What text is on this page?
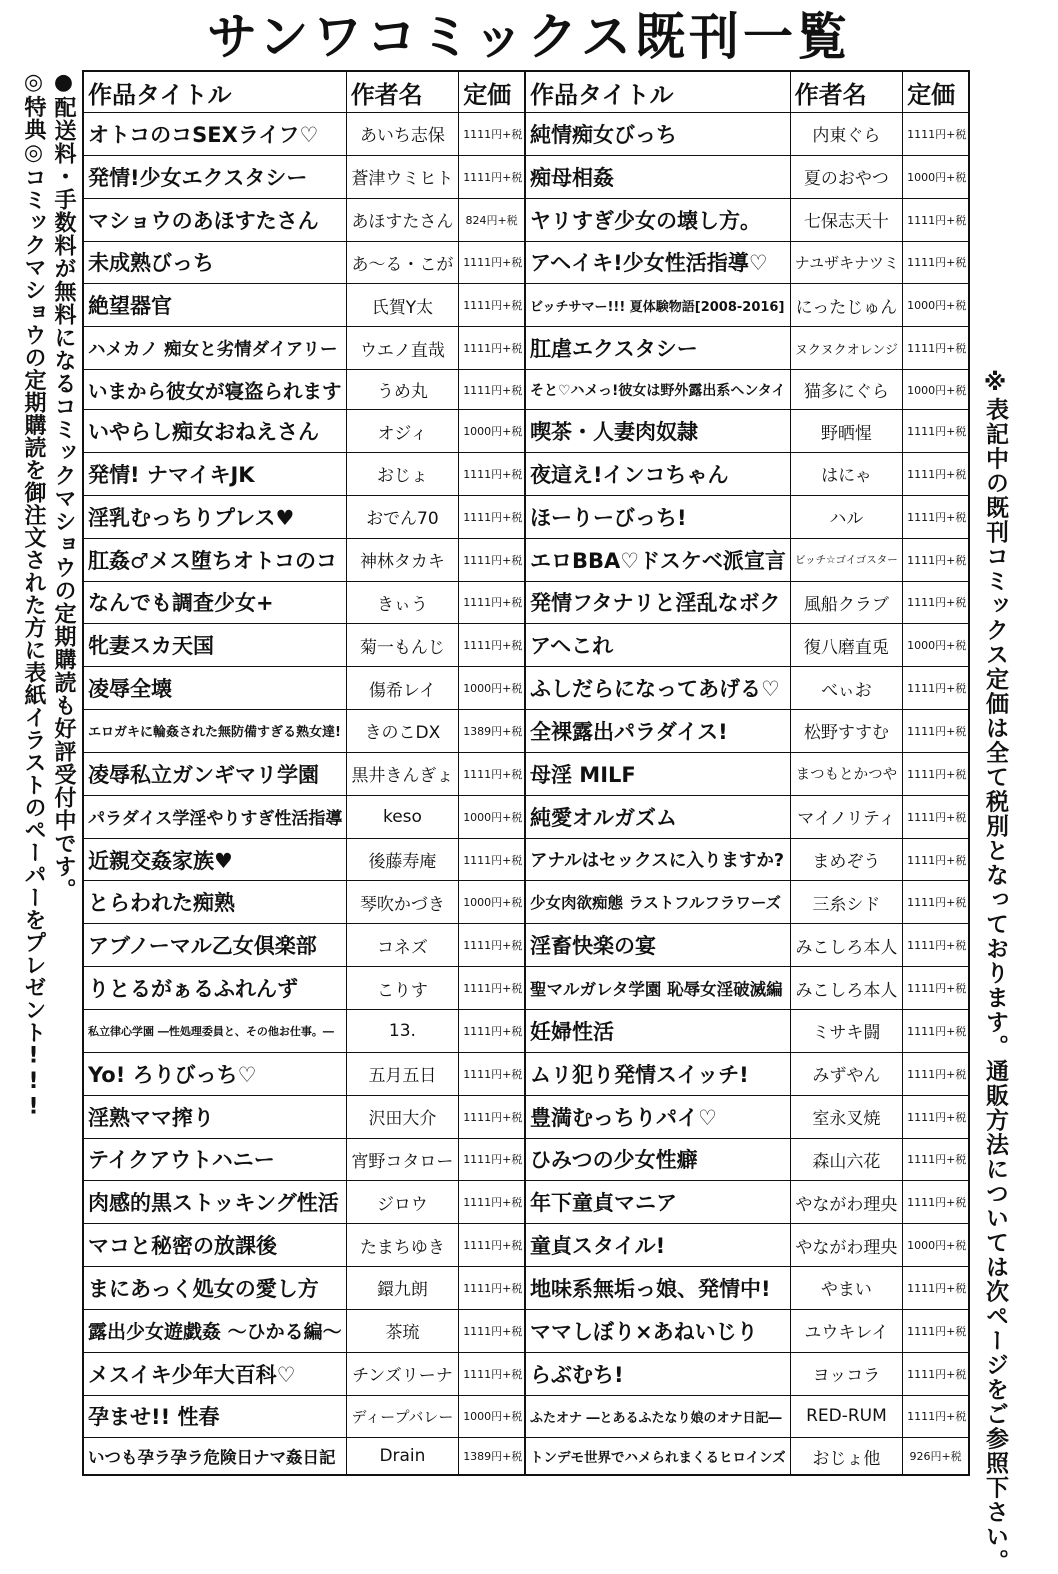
サンワコミックス既刊一覧
◎特典◎コミックマショウの定期購読を御注文された方に表紙イラストのペーパーをプレゼント!!! ●配送料・手数料が無料になるコミックマショウの定期購読も好評受付中です。	※表記中の既刊コミックス定価は全て税別となっております。通販方法については次ページをご参照下さい。
作品タイトル	作者名	定価	作品タイトル	作者名	定価
オトコのコSEXライフ♡	あいち志保	1111円+税	純情痴女びっち	内東ぐら	1111円+税
発情!少女エクスタシー	蒼津ウミヒト	1111円+税	痴母相姦	夏のおやつ	1000円+税
マショウのあほすたさん	あほすたさん	824円+税	ヤリすぎ少女の壊し方。	七保志天十	1111円+税
未成熟びっち	あ〜る・こが	1111円+税	アヘイキ!少女性活指導♡	ナユザキナツミ	1111円+税
絶望器官	氏賀Y太	1111円+税	ビッチサマー!!! 夏体験物語[2008-2016]	にったじゅん	1000円+税
ハメカノ 痴女と劣情ダイアリー	ウエノ直哉	1111円+税	肛虐エクスタシー	ヌクヌクオレンジ	1111円+税
いまから彼女が寝盗られます	うめ丸	1111円+税	そと♡ハメっ!彼女は野外露出系ヘンタイ	猫多にぐら	1000円+税
いやらし痴女おねえさん	オジィ	1000円+税	喫茶・人妻肉奴隷	野晒惺	1111円+税
発情! ナマイキJK	おじょ	1111円+税	夜這え!インコちゃん	はにゃ	1111円+税
淫乳むっちりプレス♥	おでん70	1111円+税	ほーりーびっち!	ハル	1111円+税
肛姦♂メス堕ちオトコのコ	神林タカキ	1111円+税	エロBBA♡ドスケベ派宣言	ビッチ☆ゴイゴスター	1111円+税
なんでも調査少女+	きぃう	1111円+税	発情フタナリと淫乱なボク	風船クラブ	1111円+税
牝妻スカ天国	菊一もんじ	1111円+税	アヘこれ	復八磨直兎	1000円+税
凌辱全壊	傷希レイ	1000円+税	ふしだらになってあげる♡	べぃお	1111円+税
エロガキに輪姦された無防備すぎる熟女達!	きのこDX	1389円+税	全裸露出パラダイス!	松野すすむ	1111円+税
凌辱私立ガンギマリ学園	黒井きんぎょ	1111円+税	母淫 MILF	まつもとかつや	1111円+税
パラダイス学淫やりすぎ性活指導	keso	1000円+税	純愛オルガズム	マイノリティ	1111円+税
近親交姦家族♥	後藤寿庵	1111円+税	アナルはセックスに入りますか?	まめぞう	1111円+税
とらわれた痴熟	琴吹かづき	1000円+税	少女肉欲痴態 ラストフルフラワーズ	三糸シド	1111円+税
アブノーマル乙女倶楽部	コネズ	1111円+税	淫畜快楽の宴	みこしろ本人	1111円+税
りとるがぁるふれんず	こりす	1111円+税	聖マルガレタ学園 恥辱女淫破滅編	みこしろ本人	1111円+税
私立律心学園 ―性処理委員と、その他お仕事。―	13.	1111円+税	妊婦性活	ミサキ闘	1111円+税
Yo! ろりびっち♡	五月五日	1111円+税	ムリ犯り発情スイッチ!	みずやん	1111円+税
淫熟ママ搾り	沢田大介	1111円+税	豊満むっちりパイ♡	室永叉焼	1111円+税
テイクアウトハニー	宵野コタロー	1111円+税	ひみつの少女性癖	森山六花	1111円+税
肉感的黒ストッキング性活	ジロウ	1111円+税	年下童貞マニア	やながわ理央	1111円+税
マコと秘密の放課後	たまちゆき	1111円+税	童貞スタイル!	やながわ理央	1000円+税
まにあっく処女の愛し方	鐶九朗	1111円+税	地味系無垢っ娘、発情中!	やまい	1111円+税
露出少女遊戯姦 〜ひかる編〜	茶琉	1111円+税	ママしぼり×あねいじり	ユウキレイ	1111円+税
メスイキ少年大百科♡	チンズリーナ	1111円+税	らぶむち!	ヨッコラ	1111円+税
孕ませ!! 性春	ディープバレー	1000円+税	ふたオナ ―とあるふたなり娘のオナ日記―	RED-RUM	1111円+税
いつも孕ラ孕ラ危険日ナマ姦日記	Drain	1389円+税	トンデモ世界でハメられまくるヒロインズ	おじょ他	926円+税
